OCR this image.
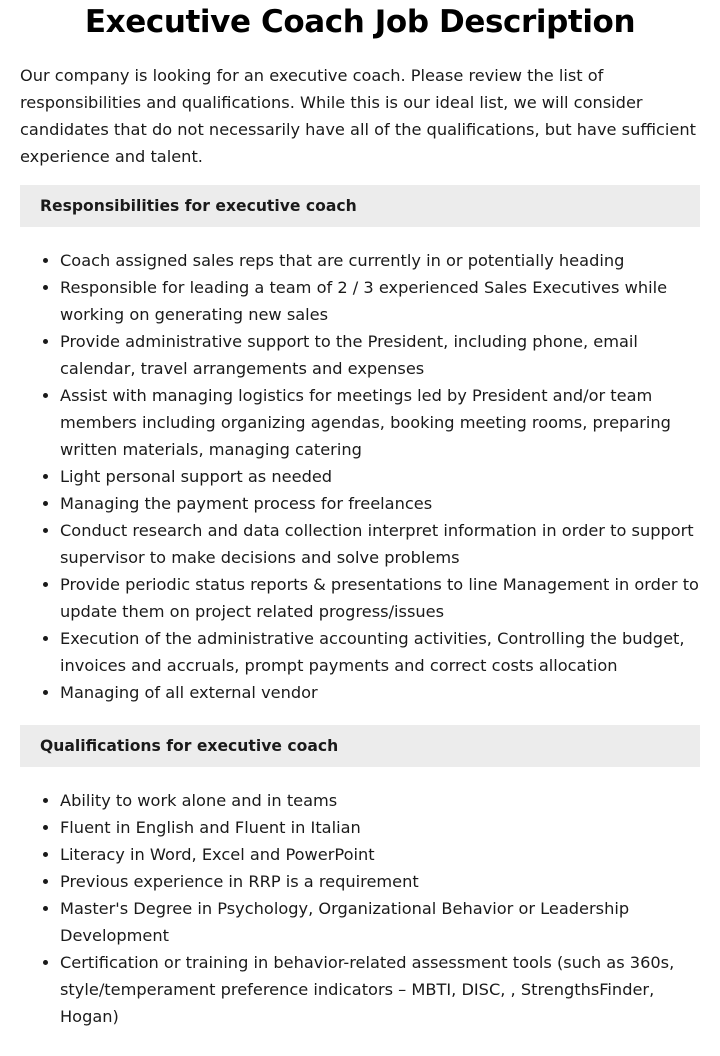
Executive Coach Job Description

Our company is looking for an executive coach. Please review the list of responsibilities and qualifications. While this is our ideal list, we will consider candidates that do not necessarily have all of the qualifications, but have sufficient experience and talent.

Responsibilities for executive coach
Coach assigned sales reps that are currently in or potentially heading
Responsible for leading a team of 2 / 3 experienced Sales Executives while working on generating new sales
Provide administrative support to the President, including phone, email calendar, travel arrangements and expenses
Assist with managing logistics for meetings led by President and/or team members including organizing agendas, booking meeting rooms, preparing written materials, managing catering
Light personal support as needed
Managing the payment process for freelances
Conduct research and data collection interpret information in order to support supervisor to make decisions and solve problems
Provide periodic status reports & presentations to line Management in order to update them on project related progress/issues
Execution of the administrative accounting activities, Controlling the budget, invoices and accruals, prompt payments and correct costs allocation
Managing of all external vendor
Qualifications for executive coach
Ability to work alone and in teams
Fluent in English and Fluent in Italian
Literacy in Word, Excel and PowerPoint
Previous experience in RRP is a requirement
Master's Degree in Psychology, Organizational Behavior or Leadership Development
Certification or training in behavior-related assessment tools (such as 360s, style/temperament preference indicators – MBTI, DISC, , StrengthsFinder, Hogan)
